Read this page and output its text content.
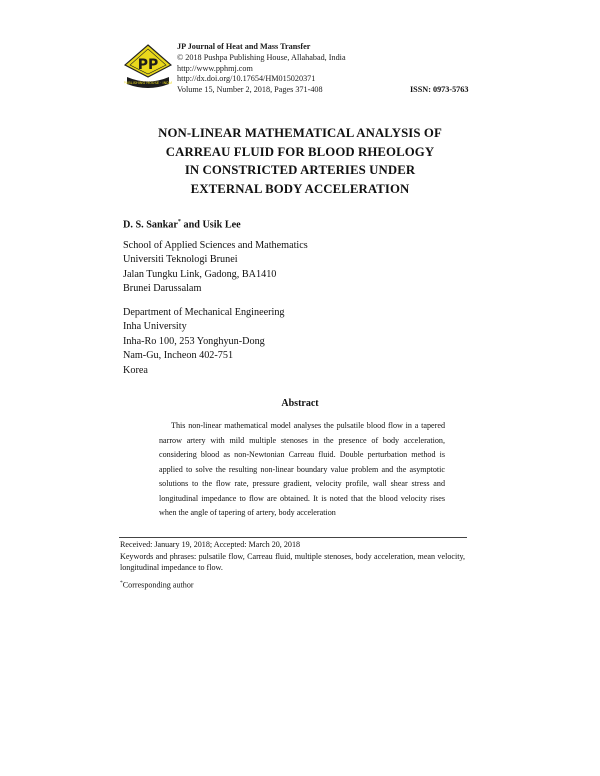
PP
PUBLISHING HOUSE · INDIA
JP Journal of Heat and Mass Transfer
© 2018 Pushpa Publishing House, Allahabad, India
http://www.pphmj.com
http://dx.doi.org/10.17654/HM015020371
Volume 15, Number 2, 2018, Pages 371-408	ISSN: 0973-5763
NON-LINEAR MATHEMATICAL ANALYSIS OF
CARREAU FLUID FOR BLOOD RHEOLOGY
IN CONSTRICTED ARTERIES UNDER
EXTERNAL BODY ACCELERATION
D. S. Sankar* and Usik Lee
School of Applied Sciences and Mathematics
Universiti Teknologi Brunei
Jalan Tungku Link, Gadong, BA1410
Brunei Darussalam
Department of Mechanical Engineering
Inha University
Inha-Ro 100, 253 Yonghyun-Dong
Nam-Gu, Incheon 402-751
Korea
Abstract
This non-linear mathematical model analyses the pulsatile blood flow in a tapered narrow artery with mild multiple stenoses in the presence of body acceleration, considering blood as non-Newtonian Carreau fluid. Double perturbation method is applied to solve the resulting non-linear boundary value problem and the asymptotic solutions to the flow rate, pressure gradient, velocity profile, wall shear stress and longitudinal impedance to flow are obtained. It is noted that the blood velocity rises when the angle of tapering of artery, body acceleration
Received: January 19, 2018; Accepted: March 20, 2018
Keywords and phrases: pulsatile flow, Carreau fluid, multiple stenoses, body acceleration, mean velocity, longitudinal impedance to flow.
*Corresponding author
